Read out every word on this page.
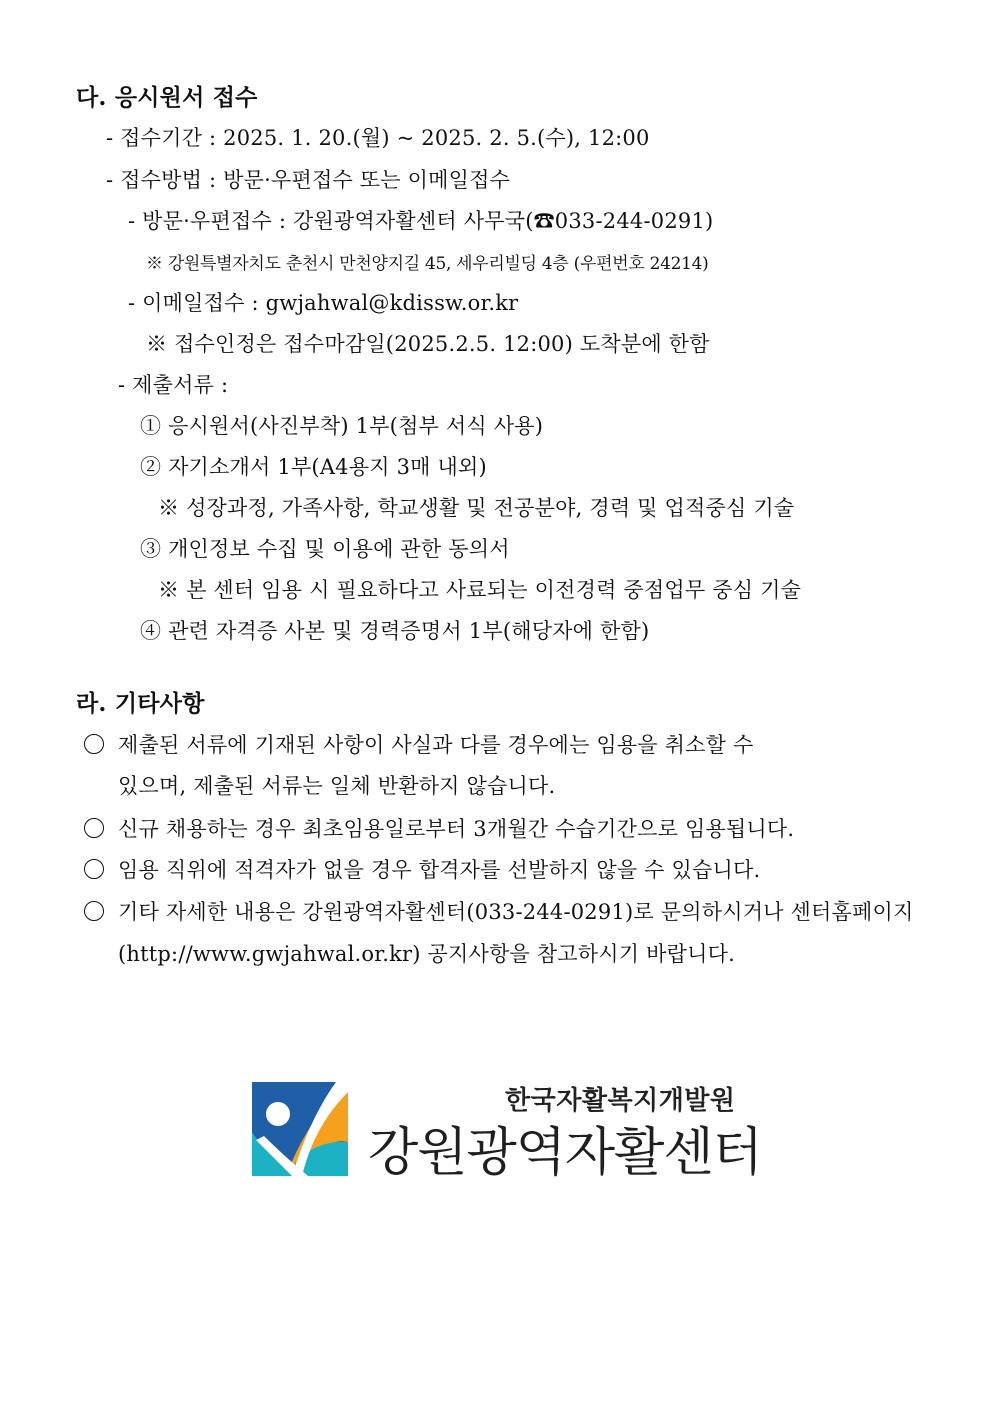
다. 응시원서 접수
- 접수기간 : 2025. 1. 20.(월) ~ 2025. 2. 5.(수), 12:00
- 접수방법 : 방문·우편접수 또는 이메일접수
- 방문·우편접수 : 강원광역자활센터 사무국(☎033-244-0291)
※ 강원특별자치도 춘천시 만천양지길 45, 세우리빌딩 4층 (우편번호 24214)
- 이메일접수 : gwjahwal@kdissw.or.kr
※ 접수인정은 접수마감일(2025.2.5. 12:00) 도착분에 한함
- 제출서류 :
① 응시원서(사진부착) 1부(첨부 서식 사용)
② 자기소개서 1부(A4용지 3매 내외)
※ 성장과정, 가족사항, 학교생활 및 전공분야, 경력 및 업적중심 기술
③ 개인정보 수집 및 이용에 관한 동의서
※ 본 센터 임용 시 필요하다고 사료되는 이전경력 중점업무 중심 기술
④ 관련 자격증 사본 및 경력증명서 1부(해당자에 한함)
라. 기타사항
제출된 서류에 기재된 사항이 사실과 다를 경우에는 임용을 취소할 수
있으며, 제출된 서류는 일체 반환하지 않습니다.
신규 채용하는 경우 최초임용일로부터 3개월간 수습기간으로 임용됩니다.
임용 직위에 적격자가 없을 경우 합격자를 선발하지 않을 수 있습니다.
기타 자세한 내용은 강원광역자활센터(033-244-0291)로 문의하시거나 센터홈페이지
(http://www.gwjahwal.or.kr) 공지사항을 참고하시기 바랍니다.
한국자활복지개발원
강원광역자활센터
